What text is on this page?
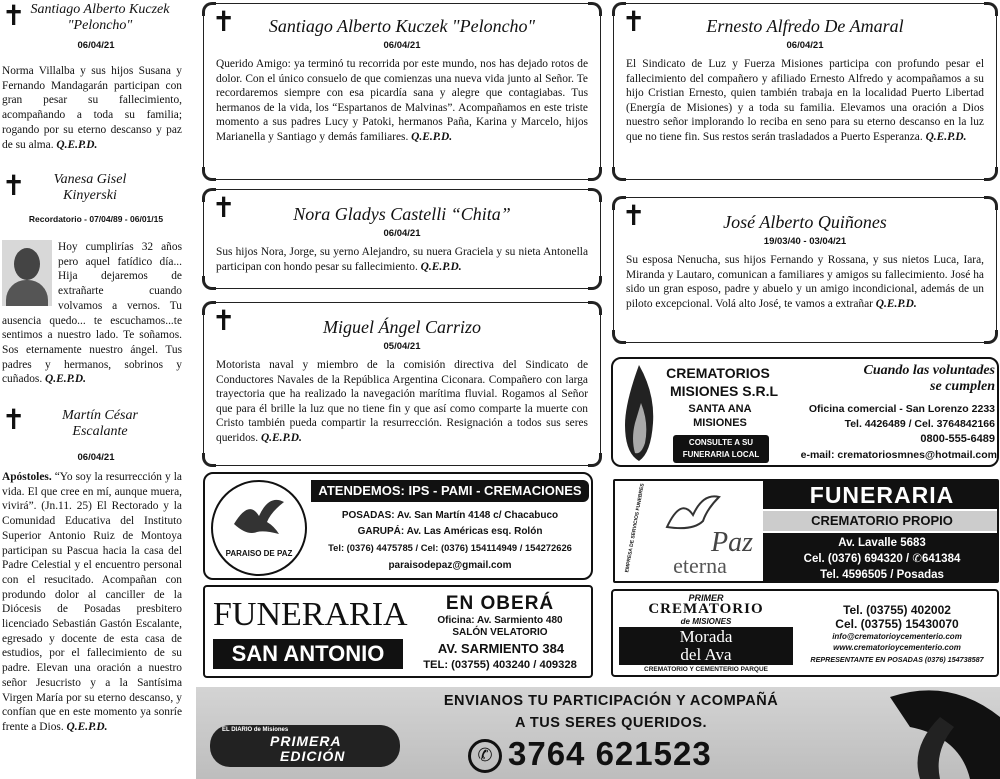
✝ Santiago Alberto Kuczek "Peloncho"
06/04/21
Norma Villalba y sus hijos Susana y Fernando Mandagarán participan con gran pesar su fallecimiento, acompañando a toda su familia; rogando por su eterno descanso y paz de su alma. Q.E.P.D.
✝	Vanesa Gisel Kinyerski
Recordatorio - 07/04/89 - 06/01/15
Hoy cumplirías 32 años pero aquel fatídico día... Hija dejaremos de extrañarte cuando volvamos a vernos. Tu ausencia quedo... te escuchamos...te sentimos a nuestro lado. Te soñamos. Sos eternamente nuestro ángel. Tus padres y hermanos, sobrinos y cuñados. Q.E.P.D.
✝	Martín César Escalante
06/04/21
Apóstoles. “Yo soy la resurrección y la vida. El que cree en mí, aunque muera, vivirá”. (Jn.11. 25) El Rectorado y la Comunidad Educativa del Instituto Superior Antonio Ruiz de Montoya participan su Pascua hacia la casa del Padre Celestial y el encuentro personal con el resucitado. Acompañan con produndo dolor al canciller de la Diócesis de Posadas presbitero licenciado Sebastián Gastón Escalante, egresado y docente de esta casa de estudios, por el fallecimiento de su padre. Elevan una oración a nuestro señor Jesucristo y a la Santísima Virgen María por su eterno descanso, y confían que en este momento ya sonríe frente a Dios. Q.E.P.D.
✝	Santiago Alberto Kuczek "Peloncho"
06/04/21
Querido Amigo: ya terminó tu recorrida por este mundo, nos has dejado rotos de dolor. Con el único consuelo de que comienzas una nueva vida junto al Señor. Te recordaremos siempre con esa picardía sana y alegre que contagiabas. Tus hermanos de la vida, los “Espartanos de Malvinas”. Acompañamos en este triste momento a sus padres Lucy y Patoki, hermanos Paña, Karina y Marcelo, hijos Marianella y Santiago y demás familiares. Q.E.P.D.
✝	Nora Gladys Castelli “Chita”
06/04/21
Sus hijos Nora, Jorge, su yerno Alejandro, su nuera Graciela y su nieta Antonella participan con hondo pesar su fallecimiento. Q.E.P.D.
✝	Miguel Ángel Carrizo
05/04/21
Motorista naval y miembro de la comisión directiva del Sindicato de Conductores Navales de la República Argentina Ciconara. Compañero con larga trayectoria que ha realizado la navegación marítima fluvial. Rogamos al Señor que para él brille la luz que no tiene fin y que así como comparte la muerte con Cristo también pueda compartir la resurrección. Resignación a todos sus seres queridos. Q.E.P.D.
PARAISO DE PAZ
ATENDEMOS: IPS - PAMI - CREMACIONES
POSADAS: Av. San Martín 4148 c/ Chacabuco
GARUPÁ: Av. Las Américas esq. Rolón
Tel: (0376) 4475785 / Cel: (0376) 154114949 / 154272626
paraisodepaz@gmail.com
FUNERARIA
SAN ANTONIO
EN OBERÁ
Oficina: Av. Sarmiento 480
SALÓN VELATORIO
AV. SARMIENTO 384
TEL: (03755) 403240 / 409328
✝	Ernesto Alfredo De Amaral
06/04/21
El Sindicato de Luz y Fuerza Misiones participa con profundo pesar el fallecimiento del compañero y afiliado Ernesto Alfredo y acompañamos a su hijo Cristian Ernesto, quien también trabaja en la localidad Puerto Libertad (Energía de Misiones) y a toda su familia. Elevamos una oración a Dios nuestro señor implorando lo reciba en seno para su eterno descanso en la luz que no tiene fin. Sus restos serán trasladados a Puerto Esperanza. Q.E.P.D.
✝	José Alberto Quiñones
19/03/40 - 03/04/21
Su esposa Nenucha, sus hijos Fernando y Rossana, y sus nietos Luca, Iara, Miranda y Lautaro, comunican a familiares y amigos su fallecimiento. José ha sido un gran esposo, padre y abuelo y un amigo incondicional, además de un piloto excepcional. Volá alto José, te vamos a extrañar Q.E.P.D.
CREMATORIOS
MISIONES S.R.L
SANTA ANA
MISIONES
CONSULTE A SU FUNERARIA LOCAL
Cuando las voluntades
se cumplen
Oficina comercial - San Lorenzo 2233
Tel. 4426489 / Cel. 3764842166
0800-555-6489
e-mail: crematoriosmnes@hotmail.com
EMPRESA DE SERVICIOS FUNEBRES Paz
eterna
FUNERARIA
CREMATORIO PROPIO
Av. Lavalle 5683
Cel. (0376) 694320 / ✆641384
Tel. 4596505 / Posadas
PRIMER
CREMATORIO
de MISIONES
Morada
del Ava
CREMATORIO Y CEMENTERIO PARQUE
Tel. (03755) 402002
Cel. (03755) 15430070
info@crematorioycementerio.com
www.crematorioycementerio.com
REPRESENTANTE EN POSADAS (0376) 154738587
EL DIARIO de Misiones
PRIMERA
EDICIÓN
ENVIANOS TU PARTICIPACIÓN Y ACOMPAÑÁ
A TUS SERES QUERIDOS.
✆ 3764 621523
